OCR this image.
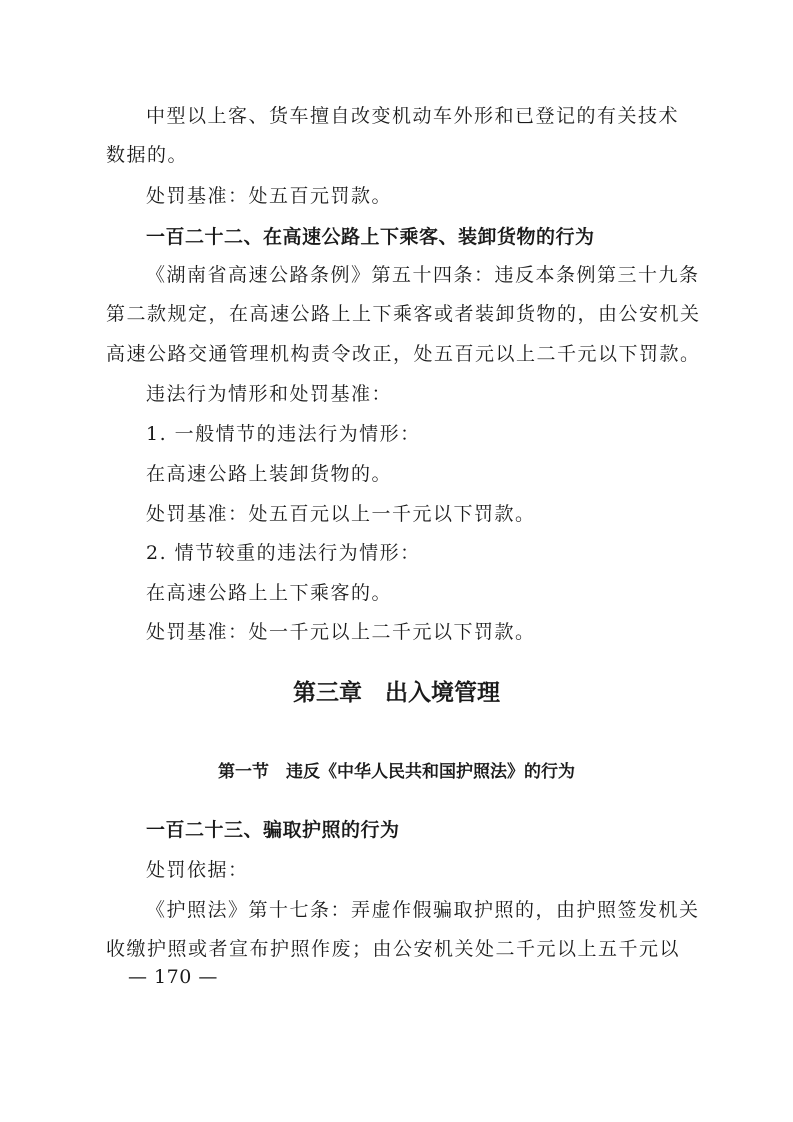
中型以上客、货车擅自改变机动车外形和已登记的有关技术
数据的。
处罚基准：处五百元罚款。
一百二十二、在高速公路上下乘客、装卸货物的行为
《湖南省高速公路条例》第五十四条：违反本条例第三十九条
第二款规定，在高速公路上上下乘客或者装卸货物的，由公安机关
高速公路交通管理机构责令改正，处五百元以上二千元以下罚款。
违法行为情形和处罚基准：
1. 一般情节的违法行为情形：
在高速公路上装卸货物的。
处罚基准：处五百元以上一千元以下罚款。
2. 情节较重的违法行为情形：
在高速公路上上下乘客的。
处罚基准：处一千元以上二千元以下罚款。
第三章　出入境管理
第一节　违反《中华人民共和国护照法》的行为
一百二十三、骗取护照的行为
处罚依据：
《护照法》第十七条：弄虚作假骗取护照的，由护照签发机关
收缴护照或者宣布护照作废；由公安机关处二千元以上五千元以
— 170 —
